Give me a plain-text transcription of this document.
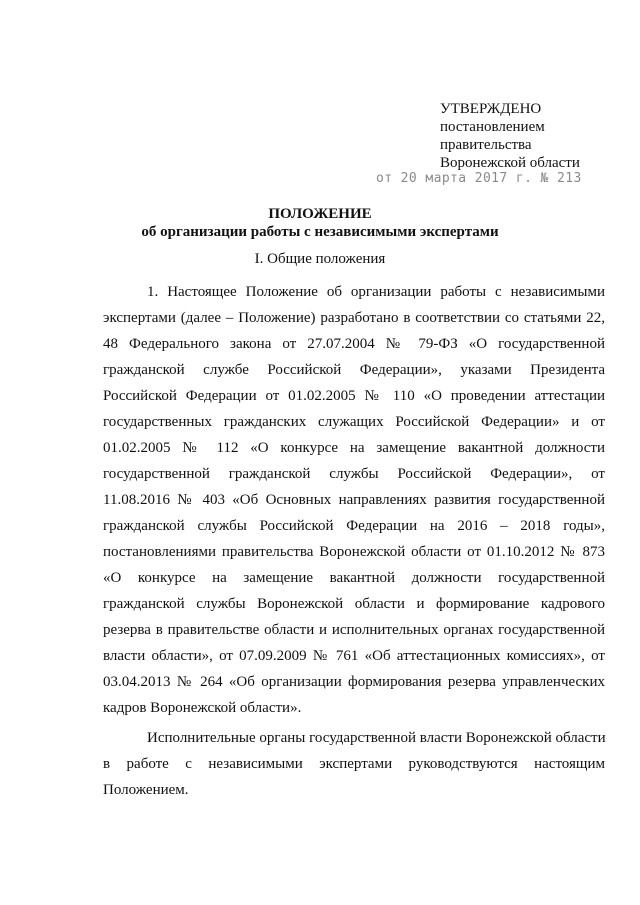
УТВЕРЖДЕНО
постановлением
правительства
Воронежской области
от 20 марта 2017 г. № 213
ПОЛОЖЕНИЕ
об организации работы с независимыми экспертами
I. Общие положения
1. Настоящее Положение об организации работы с независимыми
экспертами (далее – Положение) разработано в соответствии со статьями 22,
48 Федерального закона от 27.07.2004 № 79-ФЗ «О государственной
гражданской службе Российской Федерации», указами Президента
Российской Федерации от 01.02.2005 № 110 «О проведении аттестации
государственных гражданских служащих Российской Федерации» и от
01.02.2005 № 112 «О конкурсе на замещение вакантной должности
государственной гражданской службы Российской Федерации», от
11.08.2016 № 403 «Об Основных направлениях развития государственной
гражданской службы Российской Федерации на 2016 – 2018 годы»,
постановлениями правительства Воронежской области от 01.10.2012 № 873
«О конкурсе на замещение вакантной должности государственной
гражданской службы Воронежской области и формирование кадрового
резерва в правительстве области и исполнительных органах государственной
власти области», от 07.09.2009 № 761 «Об аттестационных комиссиях», от
03.04.2013 № 264 «Об организации формирования резерва управленческих
кадров Воронежской области».
Исполнительные органы государственной власти Воронежской области
в работе с независимыми экспертами руководствуются настоящим
Положением.
